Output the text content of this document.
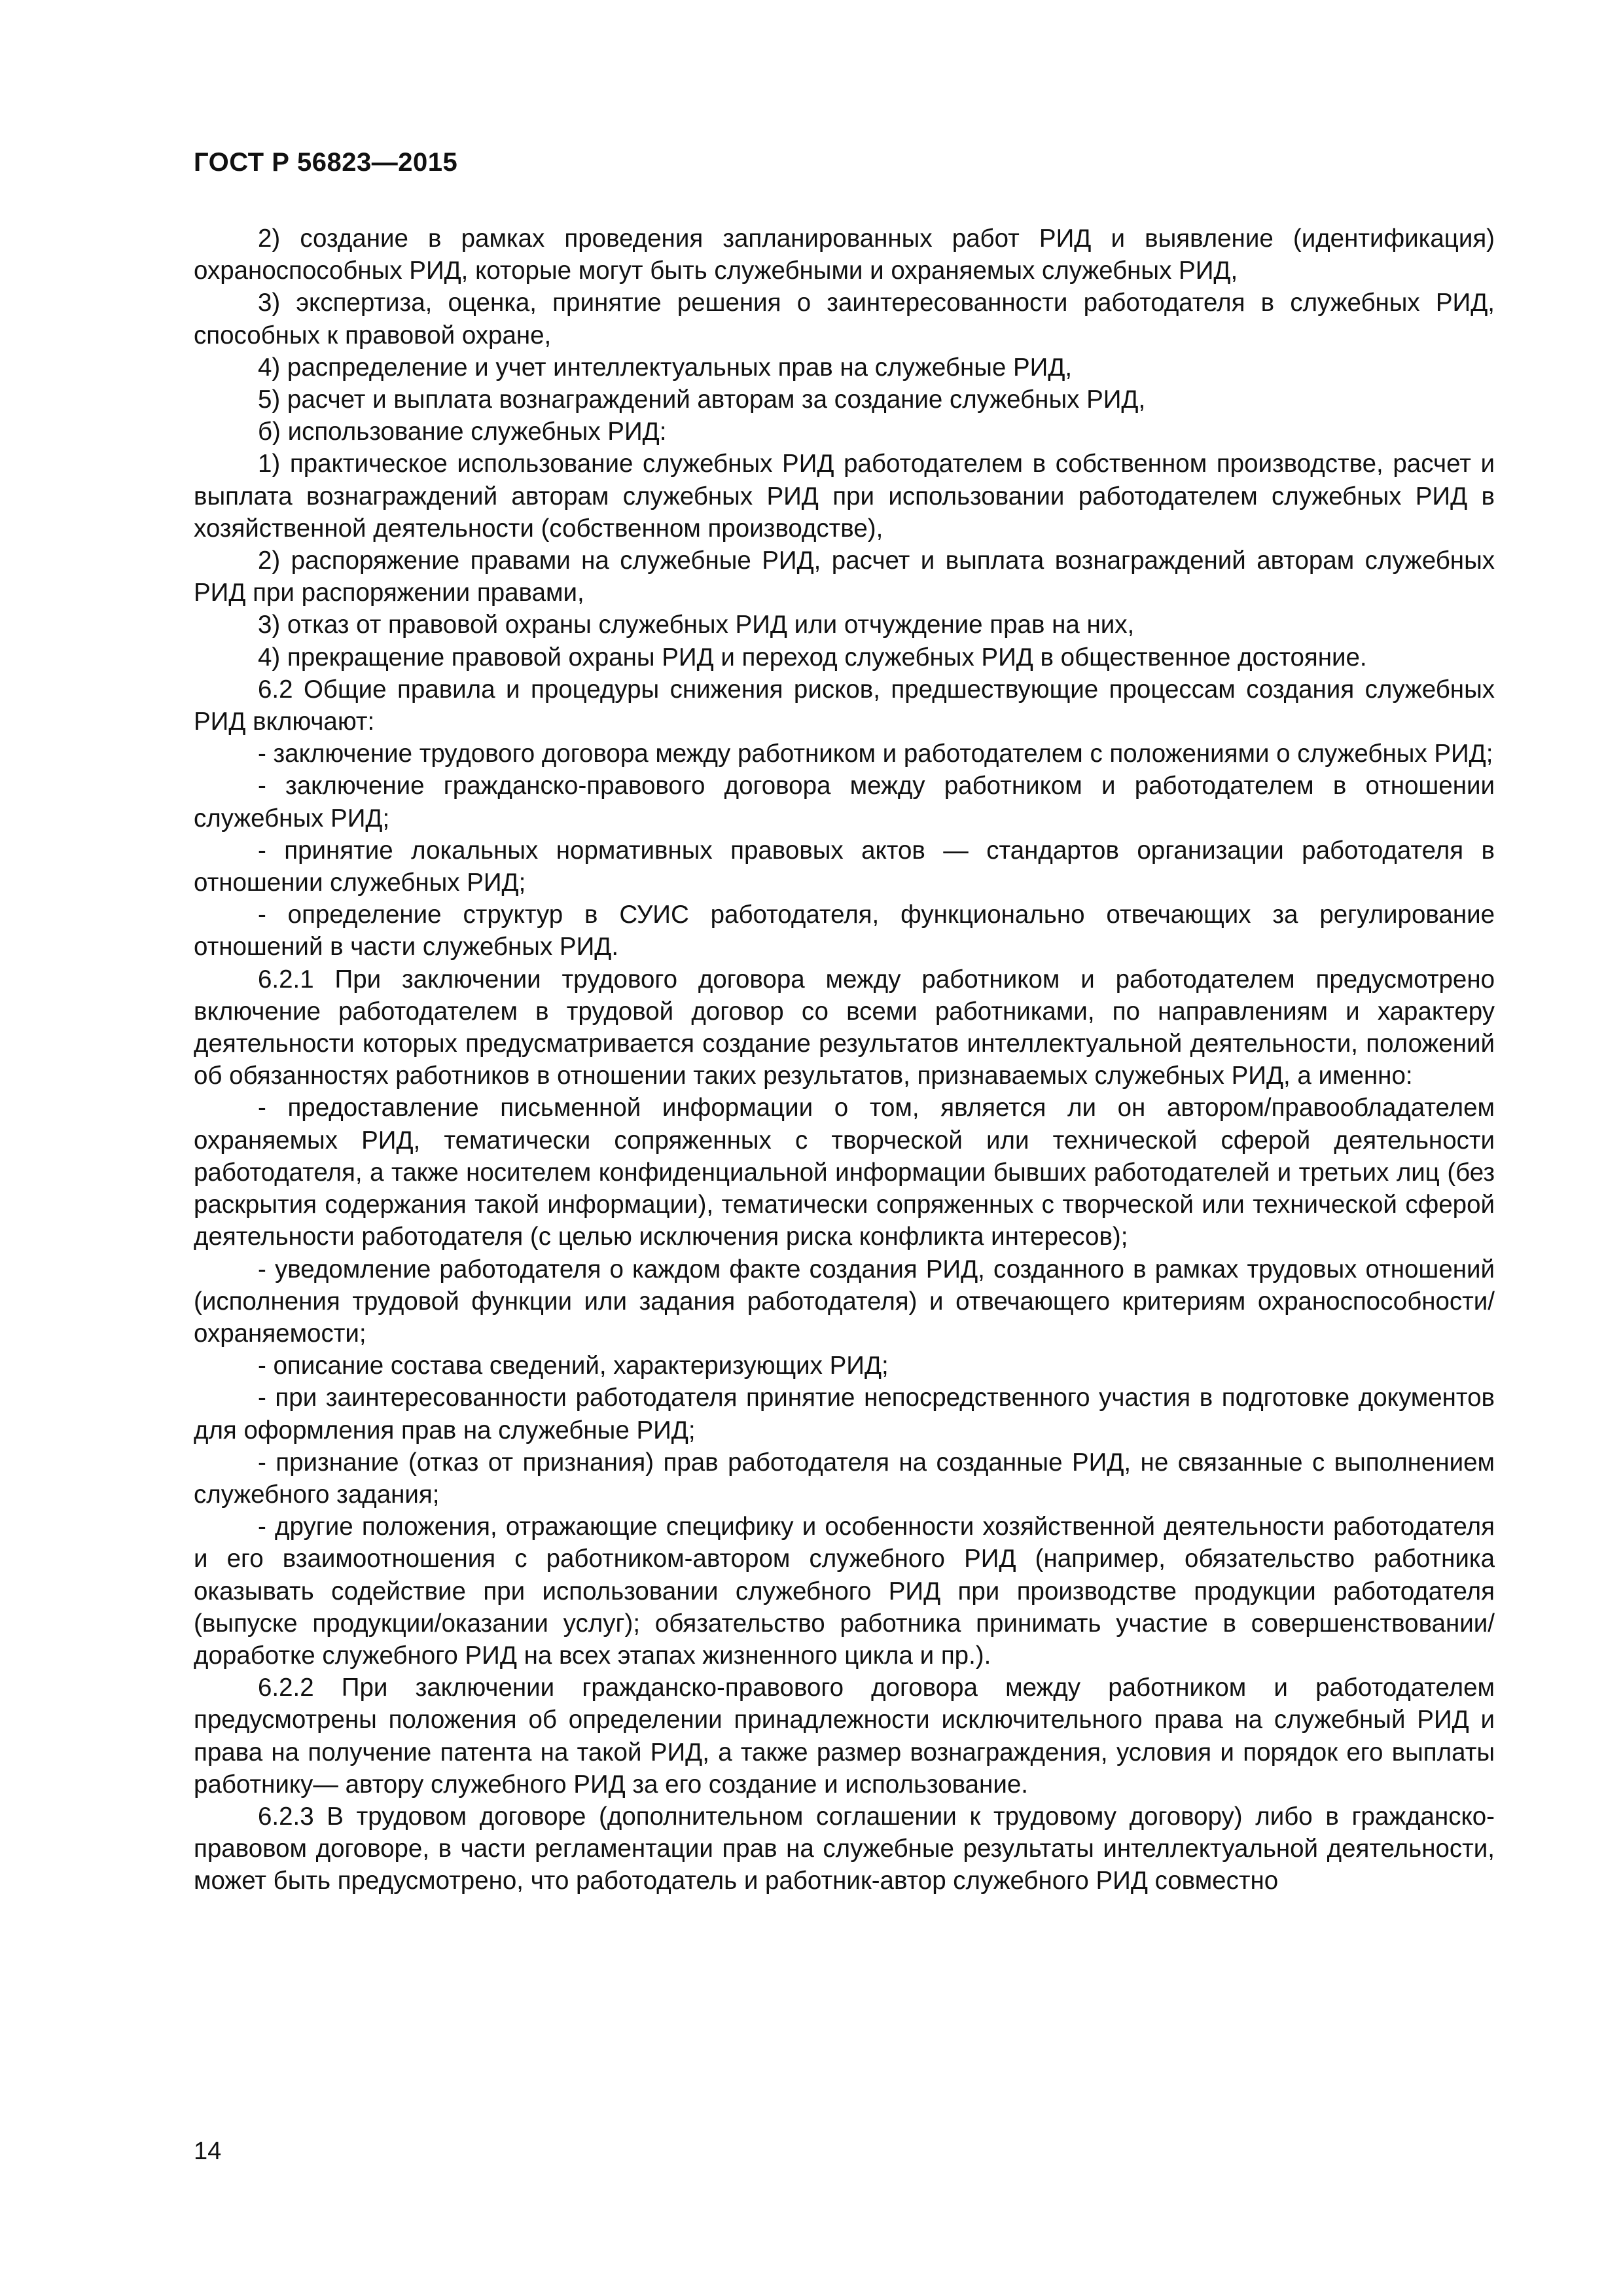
ГОСТ Р 56823—2015

2) создание в рамках проведения запланированных работ РИД и выявление (идентификация) охраноспособных РИД, которые могут быть служебными и охраняемых служебных РИД,

3) экспертиза, оценка, принятие решения о заинтересованности работодателя в служебных РИД, способных к правовой охране,

4) распределение и учет интеллектуальных прав на служебные РИД,

5) расчет и выплата вознаграждений авторам за создание служебных РИД,

б) использование служебных РИД:

1) практическое использование служебных РИД работодателем в собственном производстве, расчет и выплата вознаграждений авторам служебных РИД при использовании работодателем служебных РИД в хозяйственной деятельности (собственном производстве),

2) распоряжение правами на служебные РИД, расчет и выплата вознаграждений авторам служебных РИД при распоряжении правами,

3) отказ от правовой охраны служебных РИД или отчуждение прав на них,

4) прекращение правовой охраны РИД и переход служебных РИД в общественное достояние.

6.2 Общие правила и процедуры снижения рисков, предшествующие процессам создания служебных РИД включают:

- заключение трудового договора между работником и работодателем с положениями о служебных РИД;

- заключение гражданско-правового договора между работником и работодателем в отношении служебных РИД;

- принятие локальных нормативных правовых актов — стандартов организации работодателя в отношении служебных РИД;

- определение структур в СУИС работодателя, функционально отвечающих за регулирование отношений в части служебных РИД.

6.2.1 При заключении трудового договора между работником и работодателем предусмотрено включение работодателем в трудовой договор со всеми работниками, по направлениям и характеру деятельности которых предусматривается создание результатов интеллектуальной деятельности, положений об обязанностях работников в отношении таких результатов, признаваемых служебных РИД, а именно:

- предоставление письменной информации о том, является ли он автором/правообладателем охраняемых РИД, тематически сопряженных с творческой или технической сферой деятельности работодателя, а также носителем конфиденциальной информации бывших работодателей и третьих лиц (без раскрытия содержания такой информации), тематически сопряженных с творческой или технической сферой деятельности работодателя (с целью исключения риска конфликта интересов);

- уведомление работодателя о каждом факте создания РИД, созданного в рамках трудовых отношений (исполнения трудовой функции или задания работодателя) и отвечающего критериям охраноспособности/охраняемости;

- описание состава сведений, характеризующих РИД;

- при заинтересованности работодателя принятие непосредственного участия в подготовке документов для оформления прав на служебные РИД;

- признание (отказ от признания) прав работодателя на созданные РИД, не связанные с выполнением служебного задания;

- другие положения, отражающие специфику и особенности хозяйственной деятельности работодателя и его взаимоотношения с работником-автором служебного РИД (например, обязательство работника оказывать содействие при использовании служебного РИД при производстве продукции работодателя (выпуске продукции/оказании услуг); обязательство работника принимать участие в совершенствовании/доработке служебного РИД на всех этапах жизненного цикла и пр.).

6.2.2 При заключении гражданско-правового договора между работником и работодателем предусмотрены положения об определении принадлежности исключительного права на служебный РИД и права на получение патента на такой РИД, а также размер вознаграждения, условия и порядок его выплаты работнику— автору служебного РИД за его создание и использование.

6.2.3 В трудовом договоре (дополнительном соглашении к трудовому договору) либо в гражданско-правовом договоре, в части регламентации прав на служебные результаты интеллектуальной деятельности, может быть предусмотрено, что работодатель и работник-автор служебного РИД совместно

14
